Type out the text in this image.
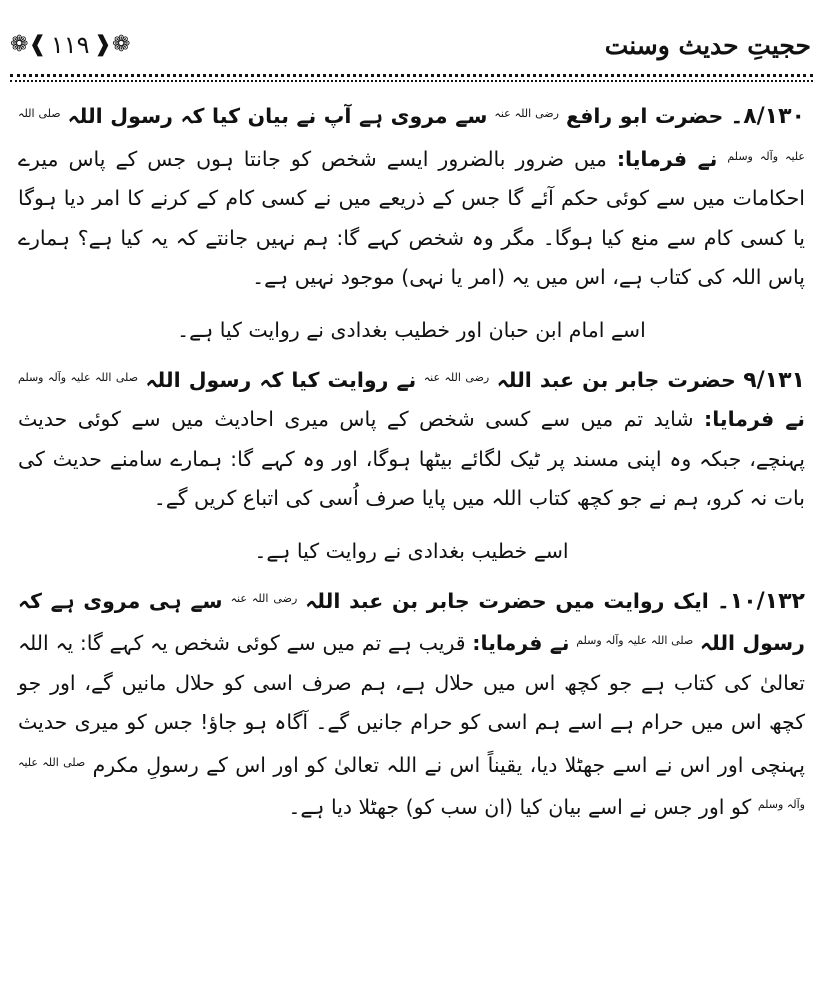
حجیتِ حدیث وسنت
❁❰ ۱۱۹ ❱❁

۸/۱۳۰۔ حضرت ابو رافع $^{رضی اللہ عنہ}$ سے مروی ہے آپ نے بیان کیا کہ رسول اللہ $^{صلی اللہ علیہ وآلہ وسلم}$ نے فرمایا: میں ضرور بالضرور ایسے شخص کو جانتا ہوں جس کے پاس میرے احکامات میں سے کوئی حکم آئے گا جس کے ذریعے میں نے کسی کام کے کرنے کا امر دیا ہوگا یا کسی کام سے منع کیا ہوگا۔ مگر وہ شخص کہے گا: ہم نہیں جانتے کہ یہ کیا ہے؟ ہمارے پاس اللہ کی کتاب ہے، اس میں یہ (امر یا نہی) موجود نہیں ہے۔

اسے امام ابن حبان اور خطیب بغدادی نے روایت کیا ہے۔

۹/۱۳۱ حضرت جابر بن عبد اللہ $^{رضی اللہ عنہ}$ نے روایت کیا کہ رسول اللہ $^{صلی اللہ علیہ وآلہ وسلم}$ نے فرمایا: شاید تم میں سے کسی شخص کے پاس میری احادیث میں سے کوئی حدیث پہنچے، جبکہ وہ اپنی مسند پر ٹیک لگائے بیٹھا ہوگا، اور وہ کہے گا: ہمارے سامنے حدیث کی بات نہ کرو، ہم نے جو کچھ کتاب اللہ میں پایا صرف اُسی کی اتباع کریں گے۔

اسے خطیب بغدادی نے روایت کیا ہے۔

۱۰/۱۳۲۔ ایک روایت میں حضرت جابر بن عبد اللہ $^{رضی اللہ عنہ}$ سے ہی مروی ہے کہ رسول اللہ $^{صلی اللہ علیہ وآلہ وسلم}$ نے فرمایا: قریب ہے تم میں سے کوئی شخص یہ کہے گا: یہ اللہ تعالیٰ کی کتاب ہے جو کچھ اس میں حلال ہے، ہم صرف اسی کو حلال مانیں گے، اور جو کچھ اس میں حرام ہے اسے ہم اسی کو حرام جانیں گے۔ آگاہ ہو جاؤ! جس کو میری حدیث پہنچی اور اس نے اسے جھٹلا دیا، یقیناً اس نے اللہ تعالیٰ کو اور اس کے رسولِ مکرم $^{صلی اللہ علیہ وآلہ وسلم}$ کو اور جس نے اسے بیان کیا (ان سب کو) جھٹلا دیا ہے۔
